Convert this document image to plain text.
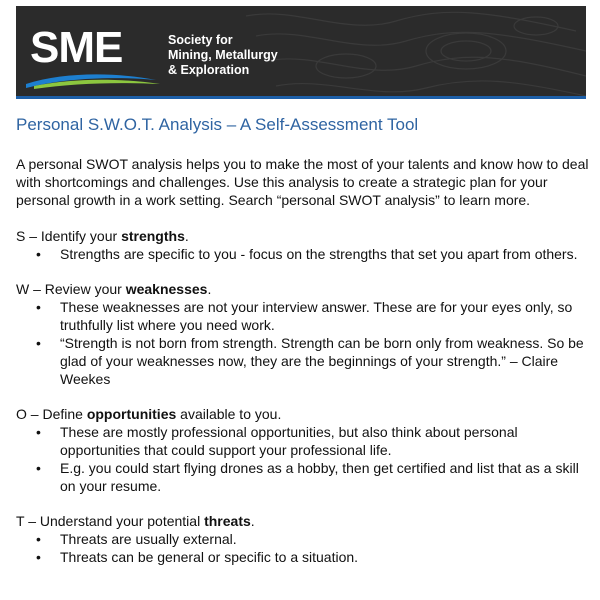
SME	Society for
Mining, Metallurgy
& Exploration
Personal S.W.O.T. Analysis – A Self-Assessment Tool

A personal SWOT analysis helps you to make the most of your talents and know how to deal with shortcomings and challenges. Use this analysis to create a strategic plan for your personal growth in a work setting. Search “personal SWOT analysis” to learn more.

S – Identify your strengths.

• Strengths are specific to you - focus on the strengths that set you apart from others.

W – Review your weaknesses.

• These weaknesses are not your interview answer. These are for your eyes only, so truthfully list where you need work.
• “Strength is not born from strength. Strength can be born only from weakness. So be glad of your weaknesses now, they are the beginnings of your strength.” – Claire Weekes

O – Define opportunities available to you.

• These are mostly professional opportunities, but also think about personal opportunities that could support your professional life.
• E.g. you could start flying drones as a hobby, then get certified and list that as a skill on your resume.

T – Understand your potential threats.

• Threats are usually external.
• Threats can be general or specific to a situation.
